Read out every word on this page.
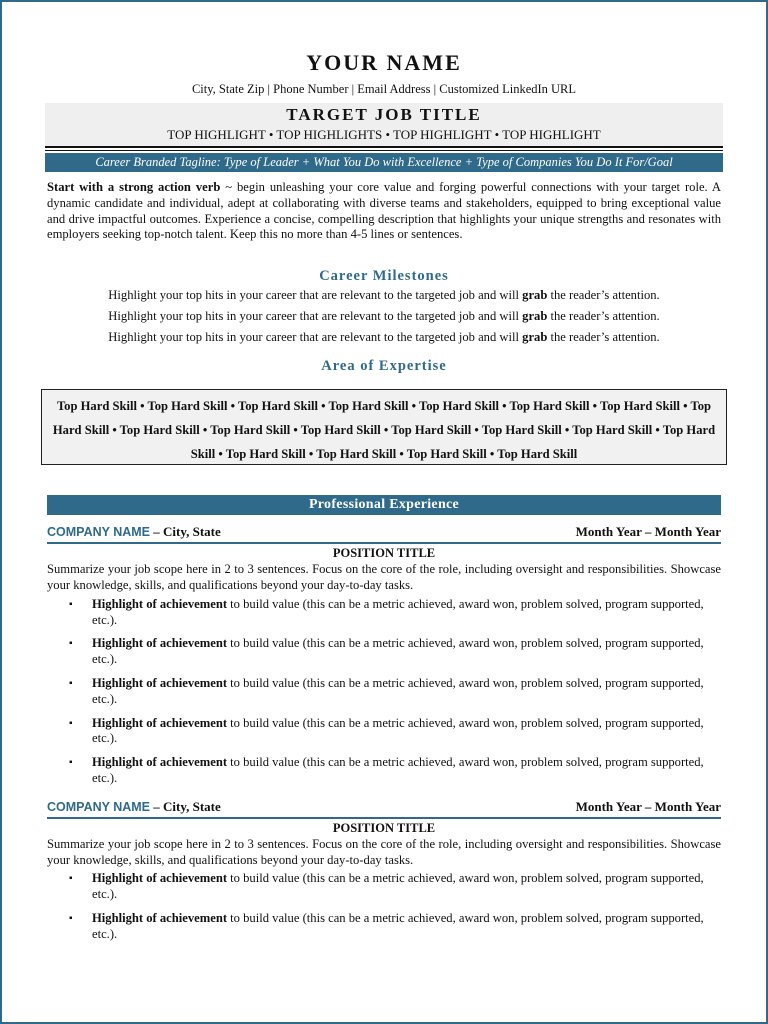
YOUR NAME
City, State Zip | Phone Number | Email Address | Customized LinkedIn URL
TARGET JOB TITLE
TOP HIGHLIGHT • TOP HIGHLIGHTS • TOP HIGHLIGHT • TOP HIGHLIGHT
Career Branded Tagline: Type of Leader + What You Do with Excellence + Type of Companies You Do It For/Goal
Start with a strong action verb ~ begin unleashing your core value and forging powerful connections with your target role. A dynamic candidate and individual, adept at collaborating with diverse teams and stakeholders, equipped to bring exceptional value and drive impactful outcomes. Experience a concise, compelling description that highlights your unique strengths and resonates with employers seeking top-notch talent. Keep this no more than 4-5 lines or sentences.
Career Milestones
Highlight your top hits in your career that are relevant to the targeted job and will grab the reader’s attention.
Highlight your top hits in your career that are relevant to the targeted job and will grab the reader’s attention.
Highlight your top hits in your career that are relevant to the targeted job and will grab the reader’s attention.
Area of Expertise
Top Hard Skill • Top Hard Skill • Top Hard Skill • Top Hard Skill • Top Hard Skill • Top Hard Skill • Top Hard Skill • Top Hard Skill • Top Hard Skill • Top Hard Skill • Top Hard Skill • Top Hard Skill • Top Hard Skill • Top Hard Skill • Top Hard Skill • Top Hard Skill • Top Hard Skill • Top Hard Skill • Top Hard Skill
Professional Experience
COMPANY NAME – City, State	Month Year – Month Year
POSITION TITLE
Summarize your job scope here in 2 to 3 sentences. Focus on the core of the role, including oversight and responsibilities. Showcase your knowledge, skills, and qualifications beyond your day-to-day tasks.
▪ Highlight of achievement to build value (this can be a metric achieved, award won, problem solved, program supported, etc.).
▪ Highlight of achievement to build value (this can be a metric achieved, award won, problem solved, program supported, etc.).
▪ Highlight of achievement to build value (this can be a metric achieved, award won, problem solved, program supported, etc.).
▪ Highlight of achievement to build value (this can be a metric achieved, award won, problem solved, program supported, etc.).
▪ Highlight of achievement to build value (this can be a metric achieved, award won, problem solved, program supported, etc.).
COMPANY NAME – City, State	Month Year – Month Year
POSITION TITLE
Summarize your job scope here in 2 to 3 sentences. Focus on the core of the role, including oversight and responsibilities. Showcase your knowledge, skills, and qualifications beyond your day-to-day tasks.
▪ Highlight of achievement to build value (this can be a metric achieved, award won, problem solved, program supported, etc.).
▪ Highlight of achievement to build value (this can be a metric achieved, award won, problem solved, program supported, etc.).
